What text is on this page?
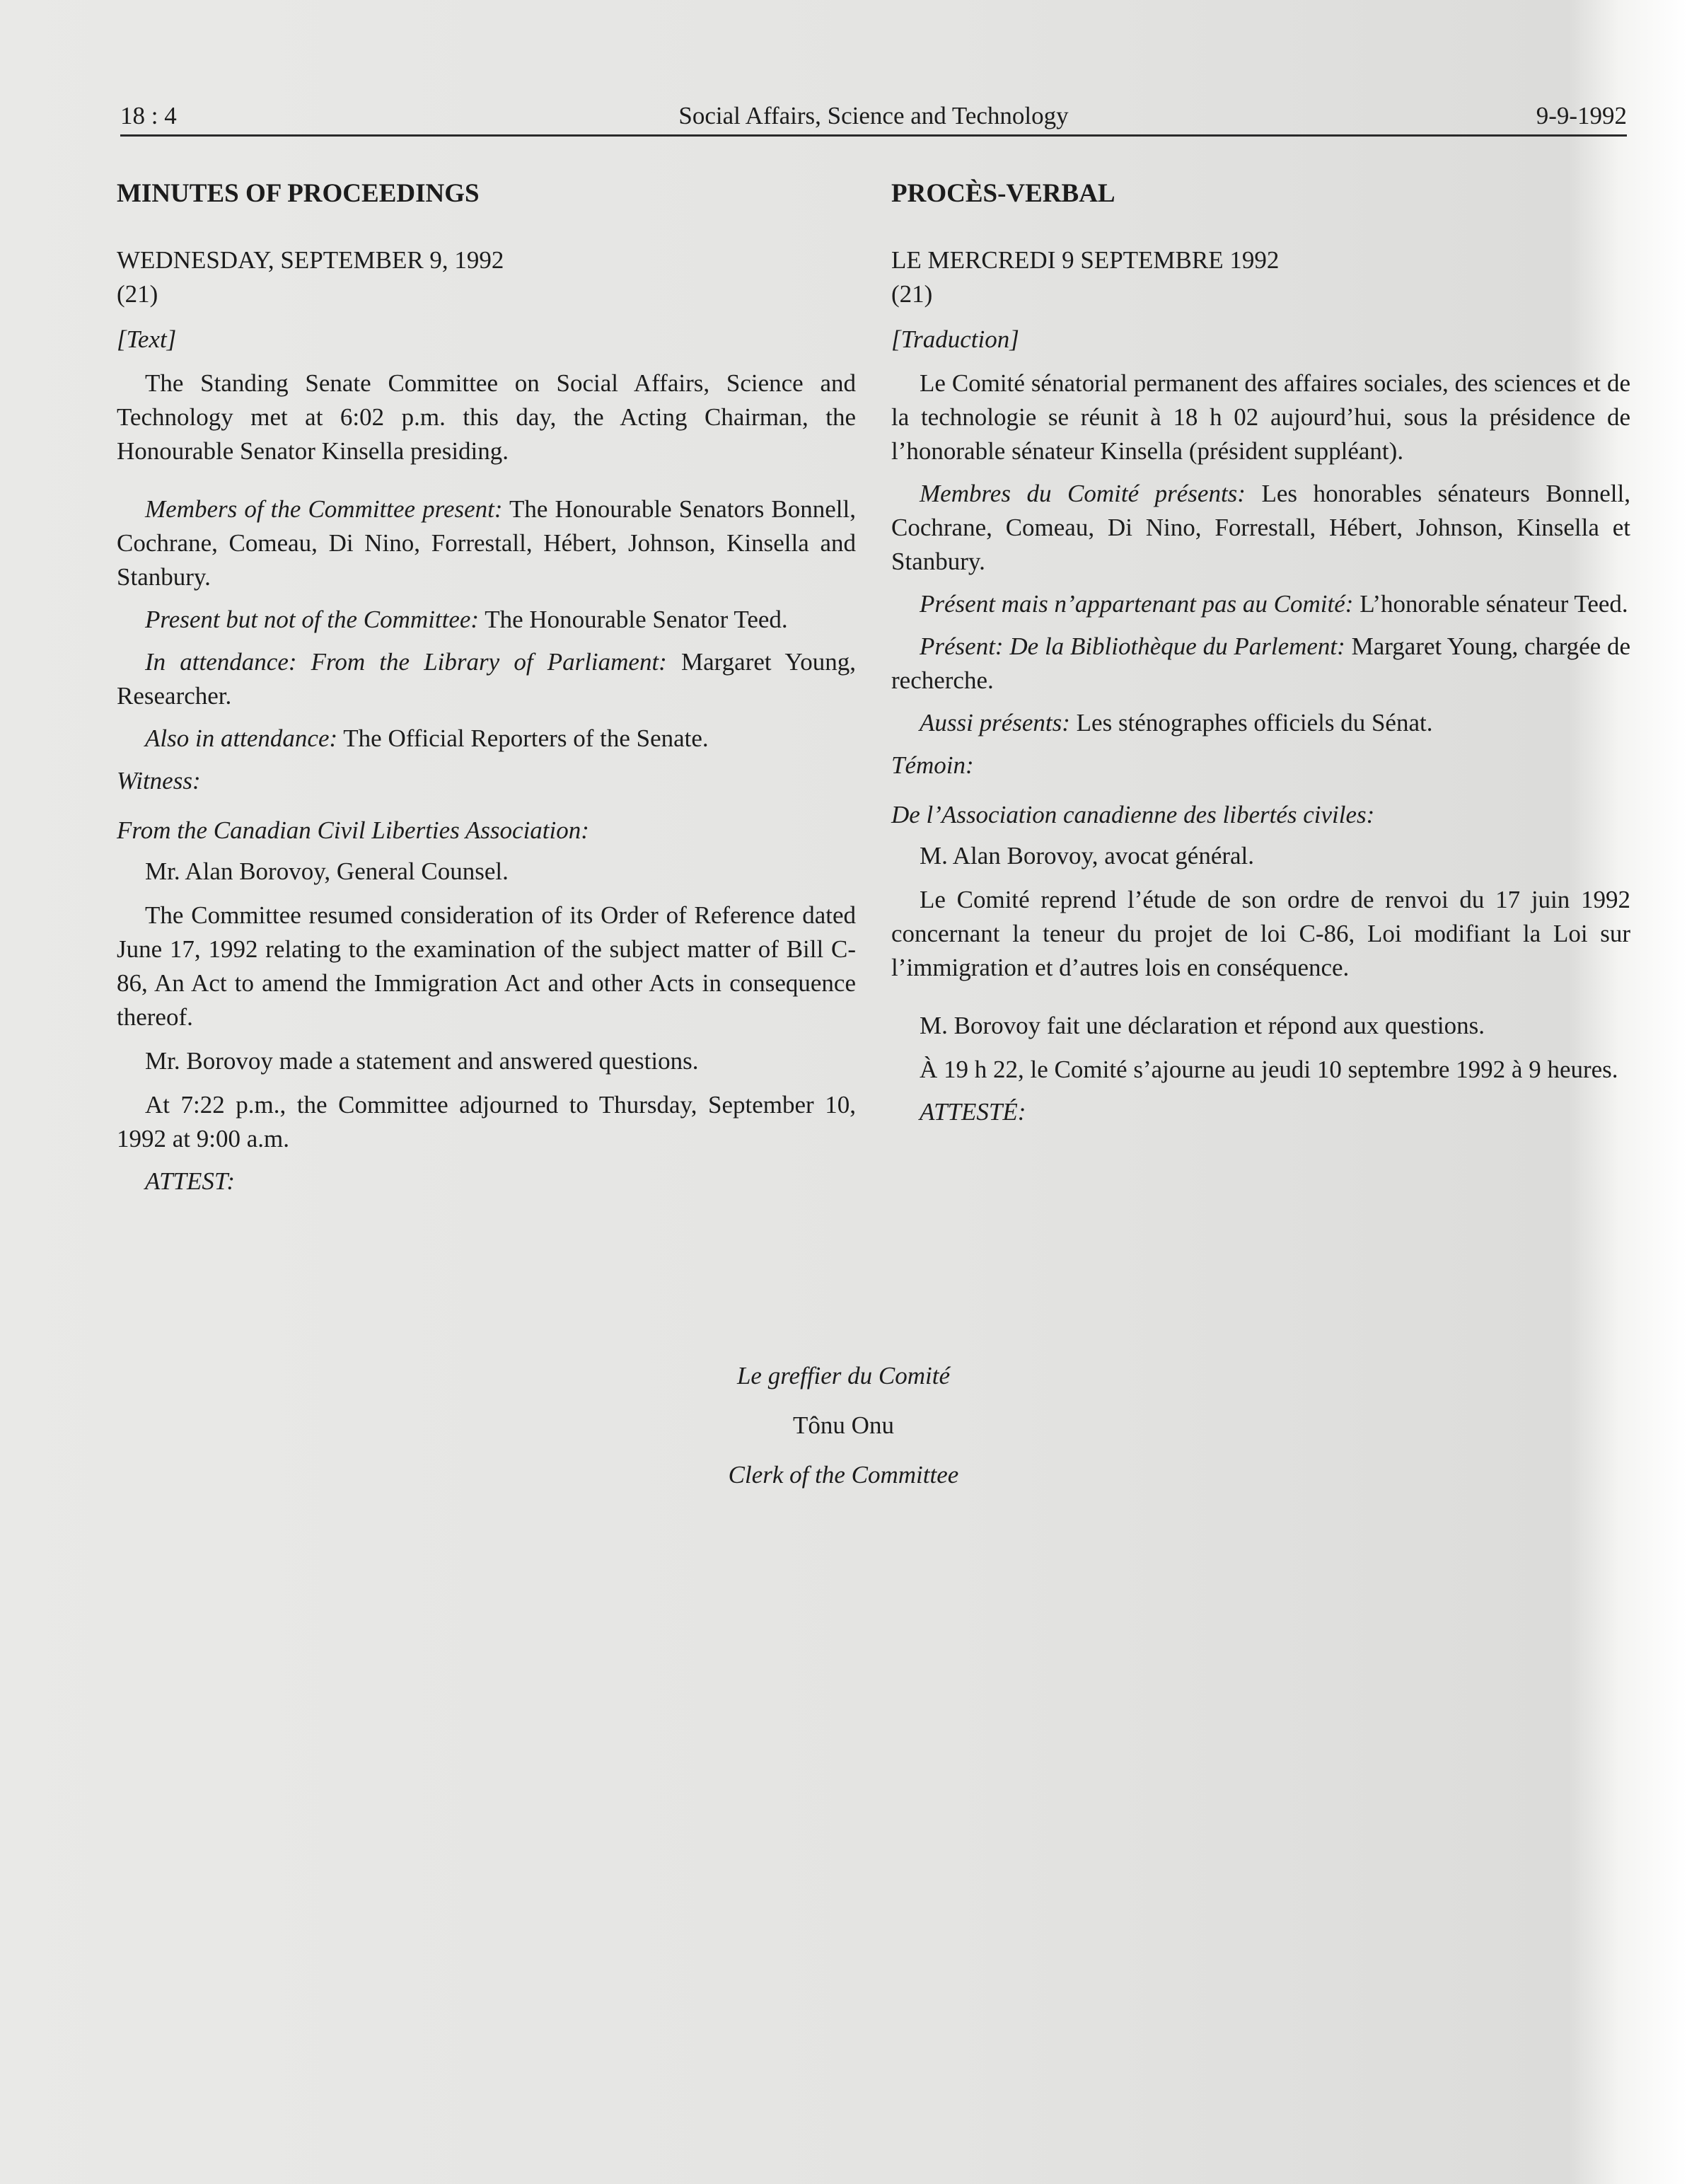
18 : 4	Social Affairs, Science and Technology	9-9-1992

MINUTES OF PROCEEDINGS

WEDNESDAY, SEPTEMBER 9, 1992

(21)

[Text]

The Standing Senate Committee on Social Affairs, Science and Technology met at 6:02 p.m. this day, the Acting Chairman, the Honourable Senator Kinsella presiding.

Members of the Committee present: The Honourable Senators Bonnell, Cochrane, Comeau, Di Nino, Forrestall, Hébert, Johnson, Kinsella and Stanbury.

Present but not of the Committee: The Honourable Senator Teed.

In attendance: From the Library of Parliament: Margaret Young, Researcher.

Also in attendance: The Official Reporters of the Senate.

Witness:

From the Canadian Civil Liberties Association:

Mr. Alan Borovoy, General Counsel.

The Committee resumed consideration of its Order of Reference dated June 17, 1992 relating to the examination of the subject matter of Bill C-86, An Act to amend the Immigration Act and other Acts in consequence thereof.

Mr. Borovoy made a statement and answered questions.

At 7:22 p.m., the Committee adjourned to Thursday, September 10, 1992 at 9:00 a.m.

ATTEST:

PROCÈS-VERBAL

LE MERCREDI 9 SEPTEMBRE 1992

(21)

[Traduction]

Le Comité sénatorial permanent des affaires sociales, des sciences et de la technologie se réunit à 18 h 02 aujourd’hui, sous la présidence de l’honorable sénateur Kinsella (président suppléant).

Membres du Comité présents: Les honorables sénateurs Bonnell, Cochrane, Comeau, Di Nino, Forrestall, Hébert, Johnson, Kinsella et Stanbury.

Présent mais n’appartenant pas au Comité: L’honorable sénateur Teed.

Présent: De la Bibliothèque du Parlement: Margaret Young, chargée de recherche.

Aussi présents: Les sténographes officiels du Sénat.

Témoin:

De l’Association canadienne des libertés civiles:

M. Alan Borovoy, avocat général.

Le Comité reprend l’étude de son ordre de renvoi du 17 juin 1992 concernant la teneur du projet de loi C-86, Loi modifiant la Loi sur l’immigration et d’autres lois en conséquence.

M. Borovoy fait une déclaration et répond aux questions.

À 19 h 22, le Comité s’ajourne au jeudi 10 septembre 1992 à 9 heures.

ATTESTÉ:

Le greffier du Comité
Tônu Onu
Clerk of the Committee
